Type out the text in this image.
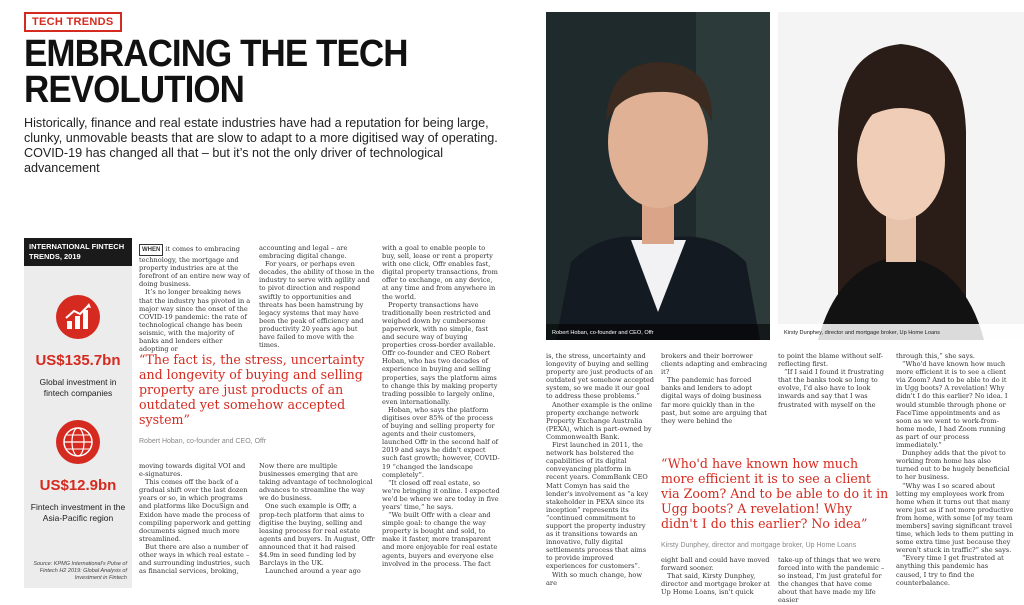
TECH TRENDS
EMBRACING THE TECH
REVOLUTION
Historically, finance and real estate industries have had a reputation for being large, clunky, unmovable beasts that are slow to adapt to a more digitised way of operating. COVID-19 has changed all that – but it’s not the only driver of technological advancement
INTERNATIONAL FINTECH TRENDS, 2019
US$135.7bn
Global investment in fintech companies
US$12.9bn
Fintech investment in the Asia-Pacific region
Source: KPMG International's Pulse of Fintech H2 2019: Global Analysis of Investment in Fintech

WHEN it comes to embracing technology, the mortgage and property industries are at the forefront of an entire new way of doing business.

It’s no longer breaking news that the industry has pivoted in a major way since the onset of the COVID-19 pandemic: the rate of technological change has been seismic, with the majority of banks and lenders either adopting or

accounting and legal – are embracing digital change.

For years, or perhaps even decades, the ability of those in the industry to serve with agility and to pivot direction and respond swiftly to opportunities and threats has been hamstrung by legacy systems that may have been the peak of efficiency and productivity 20 years ago but have failed to move with the times.

“The fact is, the stress, uncertainty and longevity of buying and selling property are just products of an outdated yet somehow accepted system”
Robert Hoban, co-founder and CEO, Offr

moving towards digital VOI and e-signatures.

This comes off the back of a gradual shift over the last dozen years or so, in which programs and platforms like DocuSign and Exidon have made the process of compiling paperwork and getting documents signed much more streamlined.

But there are also a number of other ways in which real estate – and surrounding industries, such as financial services, broking,

Now there are multiple businesses emerging that are taking advantage of technological advances to streamline the way we do business.

One such example is Offr, a prop-tech platform that aims to digitise the buying, selling and leasing process for real estate agents and buyers. In August, Offr announced that it had raised $4.9m in seed funding led by Barclays in the UK.

Launched around a year ago

with a goal to enable people to buy, sell, lease or rent a property with one click, Offr enables fast, digital property transactions, from offer to exchange, on any device, at any time and from anywhere in the world.

Property transactions have traditionally been restricted and weighed down by cumbersome paperwork, with no simple, fast and secure way of buying properties cross-border available. Offr co-founder and CEO Robert Hoban, who has two decades of experience in buying and selling properties, says the platform aims to change this by making property trading possible to largely online, even internationally.

Hoban, who says the platform digitises over 85% of the process of buying and selling property for agents and their customers, launched Offr in the second half of 2019 and says he didn't expect such fast growth; however, COVID-19 “changed the landscape completely”.

“It closed off real estate, so we're bringing it online. I expected we'd be where we are today in five years' time,” he says.

“We built Offr with a clear and simple goal: to change the way property is bought and sold, to make it faster, more transparent and more enjoyable for real estate agents, buyers and everyone else involved in the process. The fact

Robert Hoban, co-founder and CEO, Offr	Kirsty Dunphey, director and mortgage broker, Up Home Loans

is, the stress, uncertainty and longevity of buying and selling property are just products of an outdated yet somehow accepted system, so we made it our goal to address these problems.”

Another example is the online property exchange network Property Exchange Australia (PEXA), which is part-owned by Commonwealth Bank.

First launched in 2011, the network has bolstered the capabilities of its digital conveyancing platform in recent years. CommBank CEO Matt Comyn has said the lender's involvement as “a key stakeholder in PEXA since its inception” represents its “continued commitment to support the property industry as it transitions towards an innovative, fully digital settlements process that aims to provide improved experiences for customers”.

With so much change, how are

brokers and their borrower clients adapting and embracing it?

The pandemic has forced banks and lenders to adopt digital ways of doing business far more quickly than in the past, but some are arguing that they were behind the

to point the blame without self-reflecting first.

“If I said I found it frustrating that the banks took so long to evolve, I'd also have to look inwards and say that I was frustrated with myself on the

“Who'd have known how much more efficient it is to see a client via Zoom? And to be able to do it in Ugg boots? A revelation! Why didn't I do this earlier? No idea”
Kirsty Dunphey, director and mortgage broker, Up Home Loans

eight ball and could have moved forward sooner.

That said, Kirsty Dunphey, director and mortgage broker at Up Home Loans, isn't quick

take-up of things that we were forced into with the pandemic – so instead, I'm just grateful for the changes that have come about that have made my life easier

through this,” she says.

“Who'd have known how much more efficient it is to see a client via Zoom? And to be able to do it in Ugg boots? A revelation! Why didn't I do this earlier? No idea. I would stumble through phone or FaceTime appointments and as soon as we went to work-from-home mode, I had Zoom running as part of our process immediately.”

Dunphey adds that the pivot to working from home has also turned out to be hugely beneficial to her business.

“Why was I so scared about letting my employees work from home when it turns out that many were just as if not more productive from home, with some [of my team members] saving significant travel time, which leds to them putting in some extra time just because they weren't stuck in traffic?” she says.

“Every time I get frustrated at anything this pandemic has caused, I try to find the counterbalance.
